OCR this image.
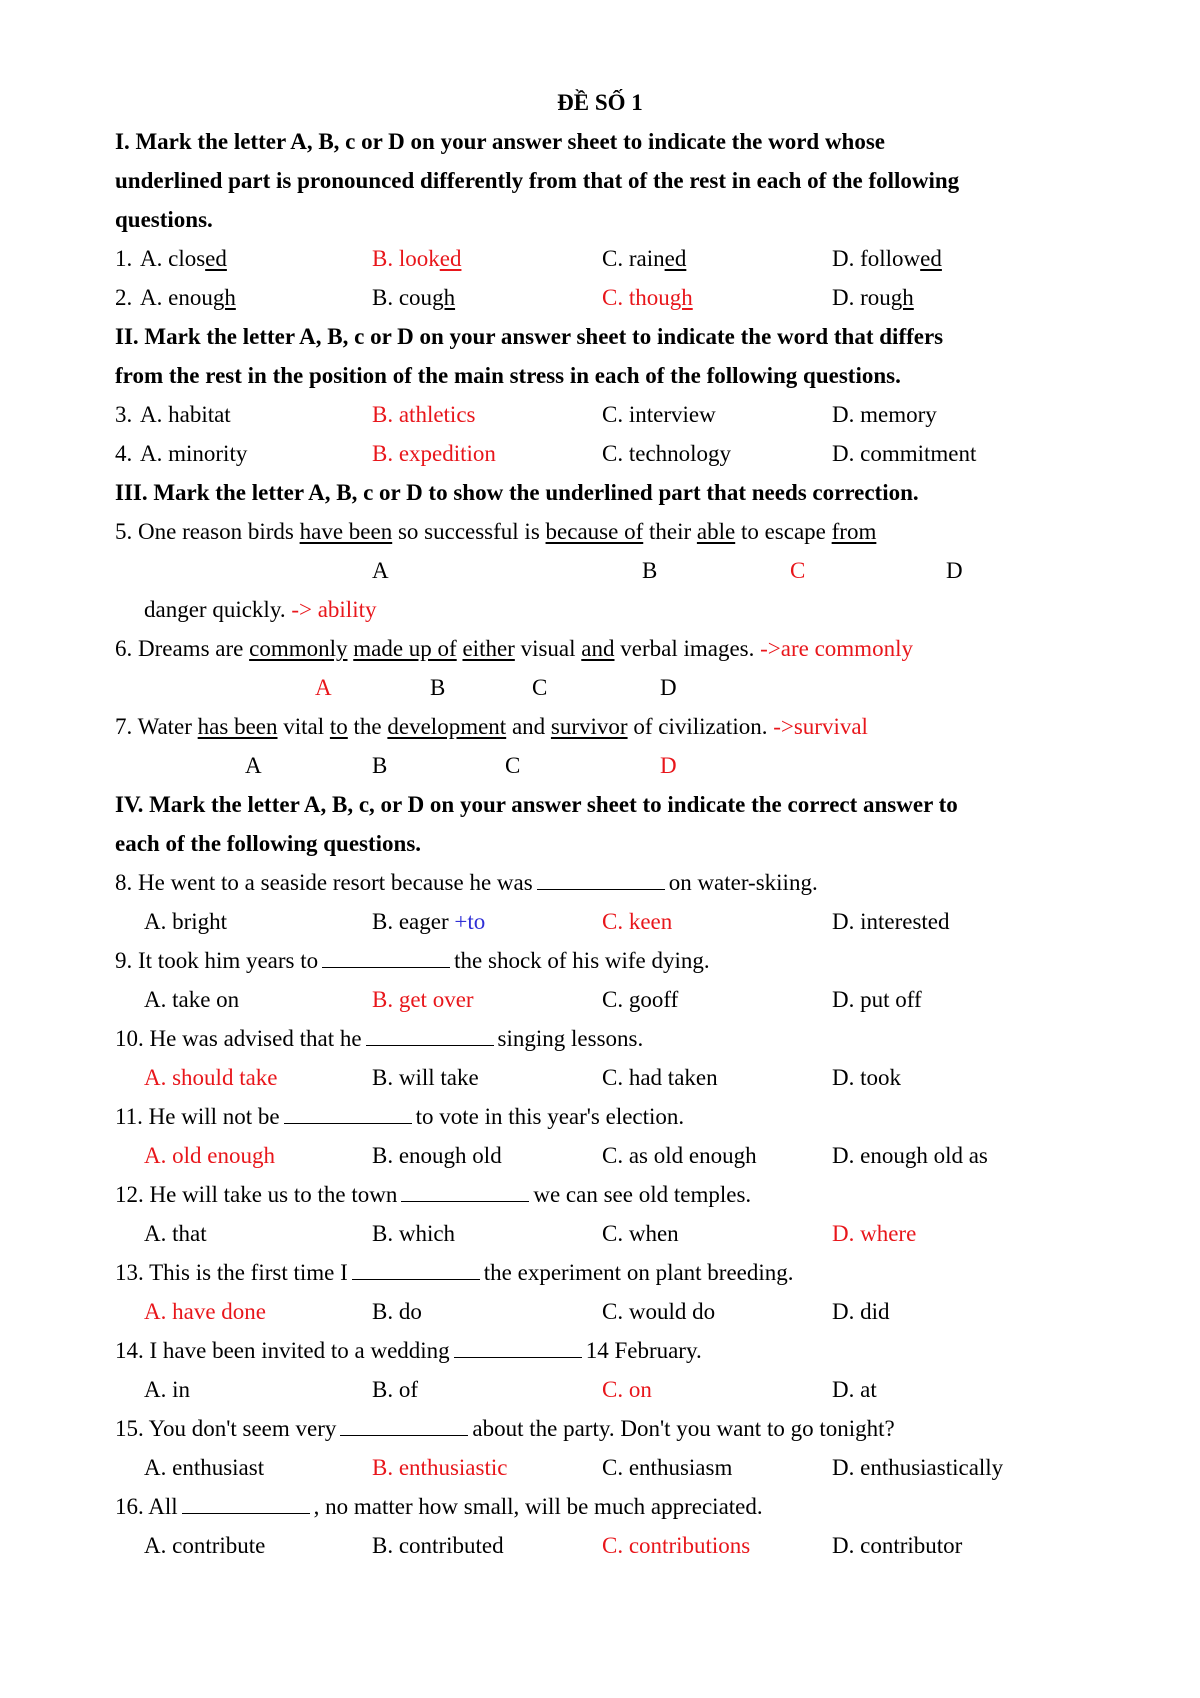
ĐỀ SỐ 1
I. Mark the letter A, B, c or D on your answer sheet to indicate the word whose
underlined part is pronounced differently from that of the rest in each of the following
questions.
1. A. closed	B. looked	C. rained	D. followed
2. A. enough	B. cough	C. though	D. rough
II. Mark the letter A, B, c or D on your answer sheet to indicate the word that differs
from the rest in the position of the main stress in each of the following questions.
3. A. habitat	B. athletics	C. interview	D. memory
4. A. minority	B. expedition	C. technology	D. commitment
III. Mark the letter A, B, c or D to show the underlined part that needs correction.
5. One reason birds have been so successful is because of their able to escape from
A	B	C	D
danger quickly. -> ability
6. Dreams are commonly made up of either visual and verbal images. ->are commonly
A	B	C	D
7. Water has been vital to the development and survivor of civilization. ->survival
A	B	C	D
IV. Mark the letter A, B, c, or D on your answer sheet to indicate the correct answer to
each of the following questions.
8. He went to a seaside resort because he was	on water-skiing.
A. bright	B. eager +to	C. keen	D. interested
9. It took him years to	the shock of his wife dying.
A. take on	B. get over	C. gooff	D. put off
10. He was advised that he	singing lessons.
A. should take	B. will take	C. had taken	D. took
11. He will not be	to vote in this year's election.
A. old enough	B. enough old	C. as old enough	D. enough old as
12. He will take us to the town	we can see old temples.
A. that	B. which	C. when	D. where
13. This is the first time I	the experiment on plant breeding.
A. have done	B. do	C. would do	D. did
14. I have been invited to a wedding	14 February.
A. in	B. of	C. on	D. at
15. You don't seem very	about the party. Don't you want to go tonight?
A. enthusiast	B. enthusiastic	C. enthusiasm	D. enthusiastically
16. All	, no matter how small, will be much appreciated.
A. contribute	B. contributed	C. contributions	D. contributor
